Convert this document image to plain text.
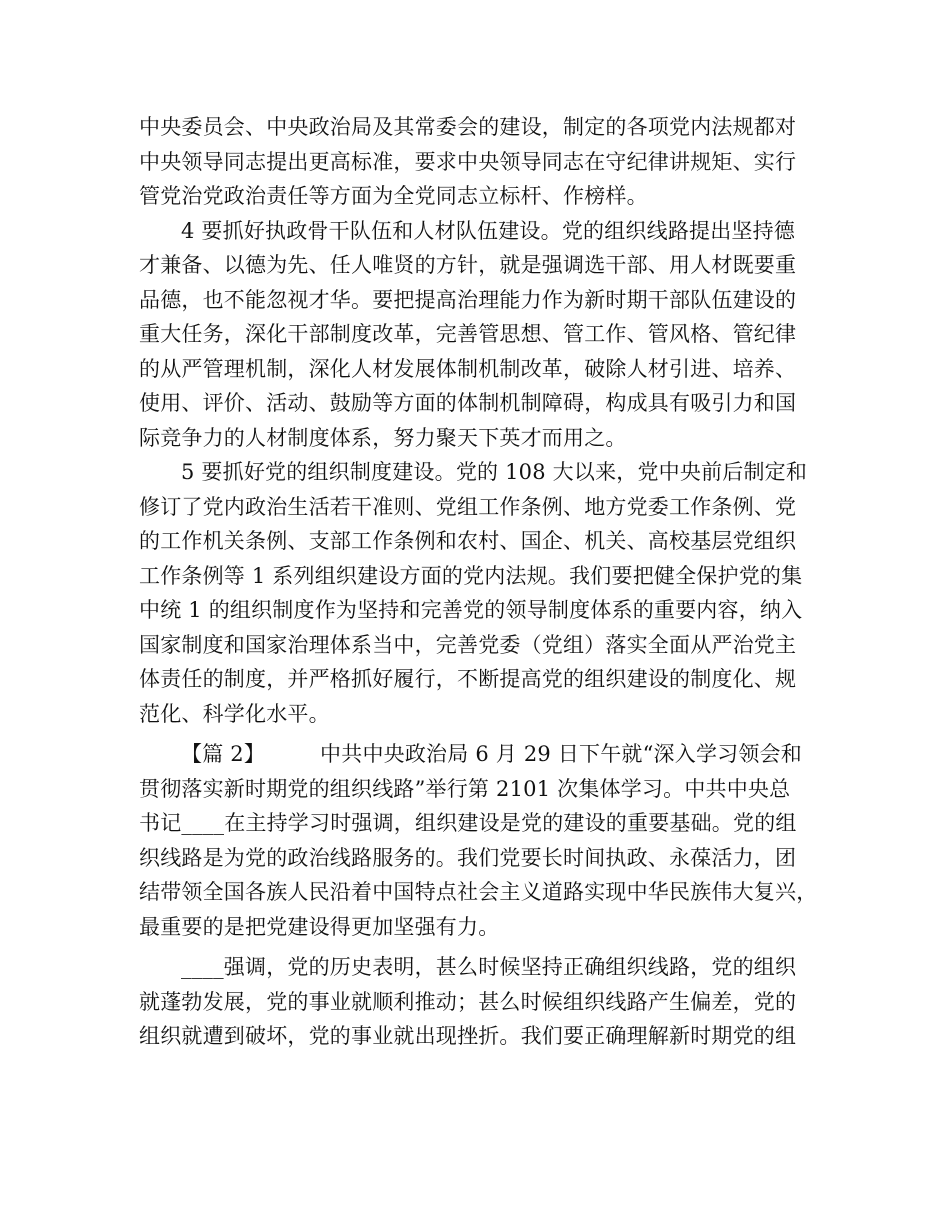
中央委员会、中央政治局及其常委会的建设，制定的各项党内法规都对
中央领导同志提出更高标准，要求中央领导同志在守纪律讲规矩、实行
管党治党政治责任等方面为全党同志立标杆、作榜样。
4 要抓好执政骨干队伍和人材队伍建设。党的组织线路提出坚持德
才兼备、以德为先、任人唯贤的方针，就是强调选干部、用人材既要重
品德，也不能忽视才华。要把提高治理能力作为新时期干部队伍建设的
重大任务，深化干部制度改革，完善管思想、管工作、管风格、管纪律
的从严管理机制，深化人材发展体制机制改革，破除人材引进、培养、
使用、评价、活动、鼓励等方面的体制机制障碍，构成具有吸引力和国
际竞争力的人材制度体系，努力聚天下英才而用之。
5 要抓好党的组织制度建设。党的 108 大以来，党中央前后制定和
修订了党内政治生活若干准则、党组工作条例、地方党委工作条例、党
的工作机关条例、支部工作条例和农村、国企、机关、高校基层党组织
工作条例等 1 系列组织建设方面的党内法规。我们要把健全保护党的集
中统 1 的组织制度作为坚持和完善党的领导制度体系的重要内容，纳入
国家制度和国家治理体系当中，完善党委（党组）落实全面从严治党主
体责任的制度，并严格抓好履行，不断提高党的组织建设的制度化、规
范化、科学化水平。
【篇 2】        中共中央政治局 6 月 29 日下午就“深入学习领会和
贯彻落实新时期党的组织线路”举行第 2101 次集体学习。中共中央总
书记____在主持学习时强调，组织建设是党的建设的重要基础。党的组
织线路是为党的政治线路服务的。我们党要长时间执政、永葆活力，团
结带领全国各族人民沿着中国特点社会主义道路实现中华民族伟大复兴，
最重要的是把党建设得更加坚强有力。
____强调，党的历史表明，甚么时候坚持正确组织线路，党的组织
就蓬勃发展，党的事业就顺利推动；甚么时候组织线路产生偏差，党的
组织就遭到破坏，党的事业就出现挫折。我们要正确理解新时期党的组
